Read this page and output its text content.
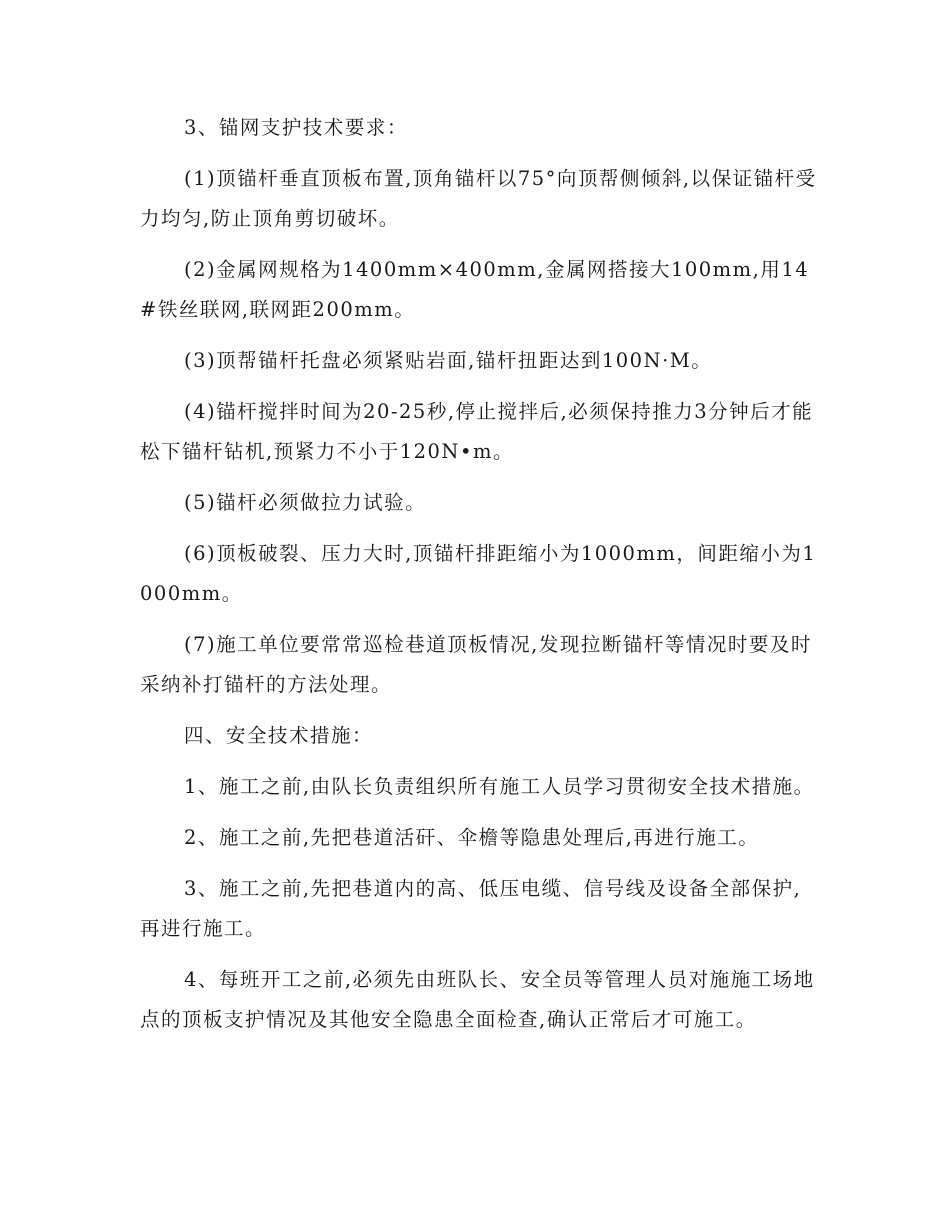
3、锚网支护技术要求：

(1)顶锚杆垂直顶板布置,顶角锚杆以75°向顶帮侧倾斜,以保证锚杆受力均匀,防止顶角剪切破坏。

(2)金属网规格为1400mm×400mm,金属网搭接大100mm,用14#铁丝联网,联网距200mm。

(3)顶帮锚杆托盘必须紧贴岩面,锚杆扭距达到100N·M。

(4)锚杆搅拌时间为20-25秒,停止搅拌后,必须保持推力3分钟后才能松下锚杆钻机,预紧力不小于120N•m。

(5)锚杆必须做拉力试验。

(6)顶板破裂、压力大时,顶锚杆排距缩小为1000mm，间距缩小为1000mm。

(7)施工单位要常常巡检巷道顶板情况,发现拉断锚杆等情况时要及时采纳补打锚杆的方法处理。

四、安全技术措施：

1、施工之前,由队长负责组织所有施工人员学习贯彻安全技术措施。

2、施工之前,先把巷道活矸、伞檐等隐患处理后,再进行施工。

3、施工之前,先把巷道内的高、低压电缆、信号线及设备全部保护,再进行施工。

4、每班开工之前,必须先由班队长、安全员等管理人员对施施工场地点的顶板支护情况及其他安全隐患全面检查,确认正常后才可施工。
